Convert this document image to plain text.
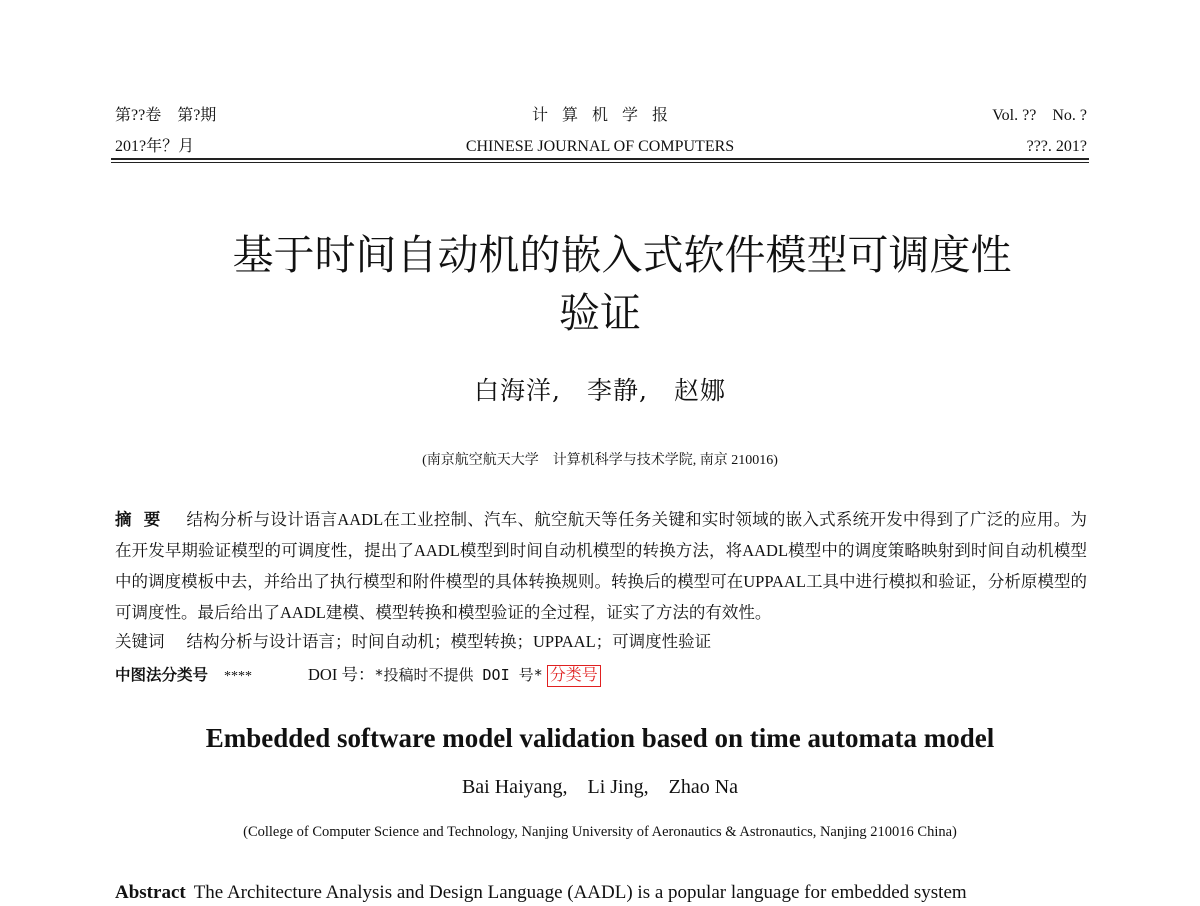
第??卷　第?期
201?年？月
计算机学报
CHINESE JOURNAL OF COMPUTERS
Vol. ??　No. ?
???. 201?
基于时间自动机的嵌入式软件模型可调度性
验证
白海洋,　李静,　赵娜
(南京航空航天大学　计算机科学与技术学院, 南京 210016)
摘要 结构分析与设计语言AADL在工业控制、汽车、航空航天等任务关键和实时领域的嵌入式系统开发中得到了广泛的应用。为在开发早期验证模型的可调度性，提出了AADL模型到时间自动机模型的转换方法，将AADL模型中的调度策略映射到时间自动机模型中的调度模板中去，并给出了执行模型和附件模型的具体转换规则。转换后的模型可在UPPAAL工具中进行模拟和验证，分析原模型的可调度性。最后给出了AADL建模、模型转换和模型验证的全过程，证实了方法的有效性。
关键词 结构分析与设计语言；时间自动机；模型转换；UPPAAL；可调度性验证
中图法分类号 ****	DOI 号：*投稿时不提供 DOI 号* 分类号
Embedded software model validation based on time automata model
Bai Haiyang,    Li Jing,    Zhao Na
(College of Computer Science and Technology, Nanjing University of Aeronautics & Astronautics, Nanjing 210016 China)
Abstract The Architecture Analysis and Design Language (AADL) is a popular language for embedded system
